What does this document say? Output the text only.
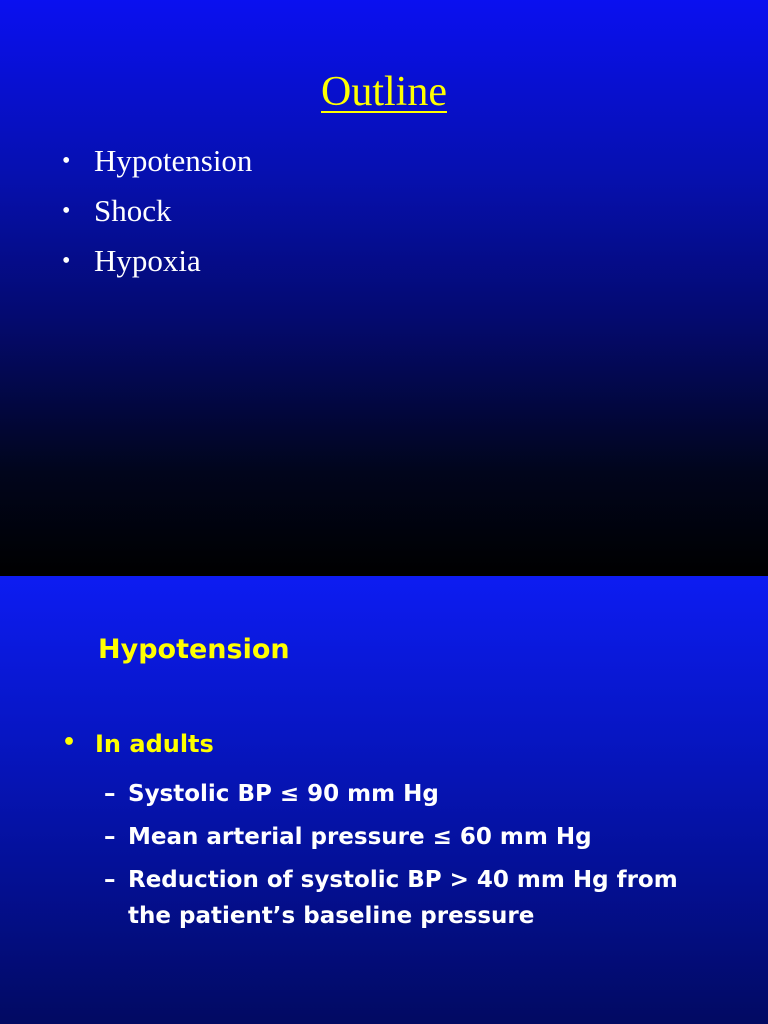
Outline
• Hypotension
• Shock
• Hypoxia
Hypotension
• In adults
– Systolic BP ≤ 90 mm Hg
– Mean arterial pressure ≤ 60 mm Hg
– Reduction of systolic BP > 40 mm Hg from the patient’s baseline pressure
